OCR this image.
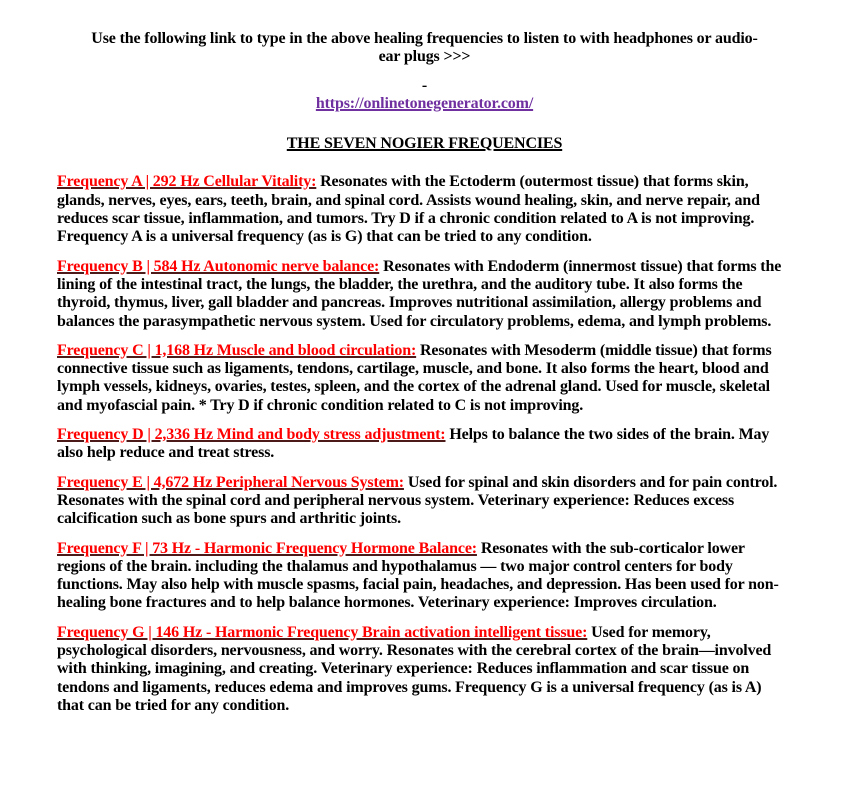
Use the following link to type in the above healing frequencies to listen to with headphones or audio-
ear plugs >>>
-
https://onlinetonegenerator.com/
THE SEVEN NOGIER FREQUENCIES

Frequency A | 292 Hz Cellular Vitality: Resonates with the Ectoderm (outermost tissue) that forms skin, glands, nerves, eyes, ears, teeth, brain, and spinal cord. Assists wound healing, skin, and nerve repair, and reduces scar tissue, inflammation, and tumors. Try D if a chronic condition related to A is not improving. Frequency A is a universal frequency (as is G) that can be tried to any condition.

Frequency B | 584 Hz Autonomic nerve balance: Resonates with Endoderm (innermost tissue) that forms the lining of the intestinal tract, the lungs, the bladder, the urethra, and the auditory tube. It also forms the thyroid, thymus, liver, gall bladder and pancreas. Improves nutritional assimilation, allergy problems and balances the parasympathetic nervous system. Used for circulatory problems, edema, and lymph problems.

Frequency C | 1,168 Hz Muscle and blood circulation: Resonates with Mesoderm (middle tissue) that forms connective tissue such as ligaments, tendons, cartilage, muscle, and bone. It also forms the heart, blood and lymph vessels, kidneys, ovaries, testes, spleen, and the cortex of the adrenal gland. Used for muscle, skeletal and myofascial pain. * Try D if chronic condition related to C is not improving.

Frequency D | 2,336 Hz Mind and body stress adjustment: Helps to balance the two sides of the brain. May also help reduce and treat stress.

Frequency E | 4,672 Hz Peripheral Nervous System: Used for spinal and skin disorders and for pain control. Resonates with the spinal cord and peripheral nervous system. Veterinary experience: Reduces excess calcification such as bone spurs and arthritic joints.

Frequency F | 73 Hz - Harmonic Frequency Hormone Balance: Resonates with the sub-corticalor lower regions of the brain. including the thalamus and hypothalamus — two major control centers for body functions. May also help with muscle spasms, facial pain, headaches, and depression. Has been used for non-healing bone fractures and to help balance hormones. Veterinary experience: Improves circulation.

Frequency G | 146 Hz - Harmonic Frequency Brain activation intelligent tissue: Used for memory, psychological disorders, nervousness, and worry. Resonates with the cerebral cortex of the brain—involved with thinking, imagining, and creating. Veterinary experience: Reduces inflammation and scar tissue on tendons and ligaments, reduces edema and improves gums. Frequency G is a universal frequency (as is A) that can be tried for any condition.
